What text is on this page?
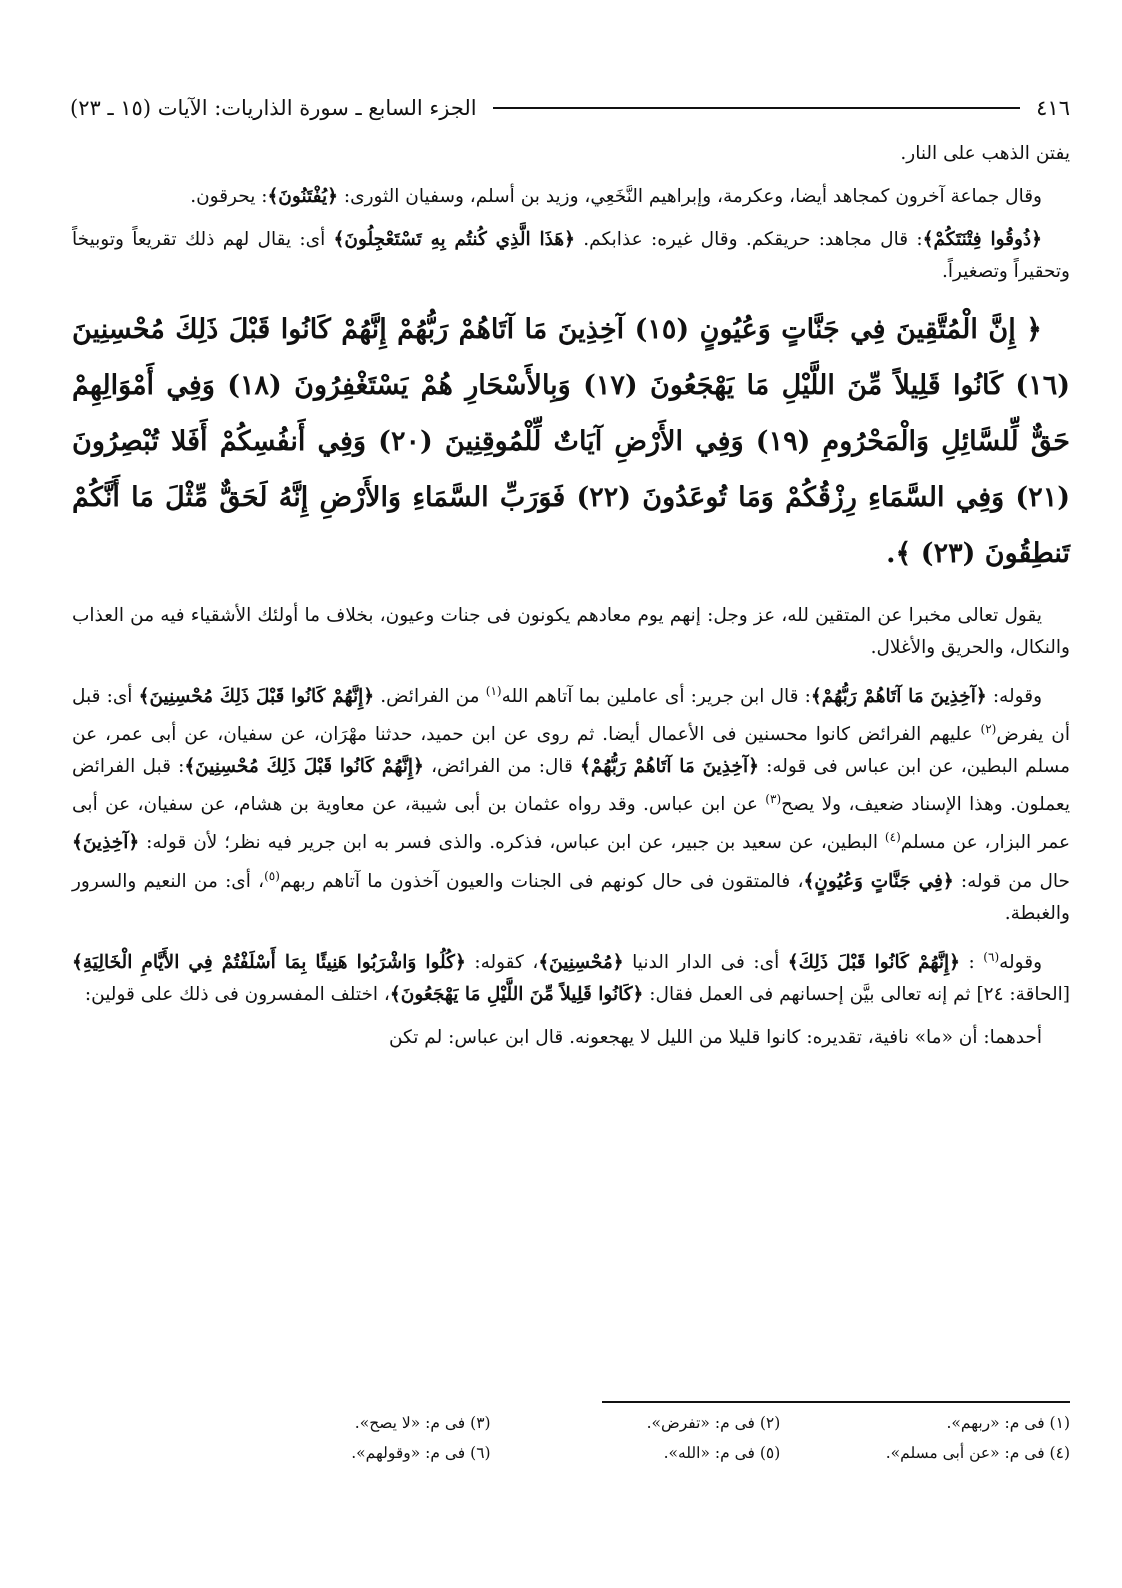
٤١٦
الجزء السابع ـ سورة الذاريات: الآيات (١٥ ـ ٢٣)

يفتن الذهب على النار.

وقال جماعة آخرون كمجاهد أيضا، وعكرمة، وإبراهيم النَّخَعِي، وزيد بن أسلم، وسفيان الثورى: ﴿يُفْتَنُونَ﴾: يحرقون.

﴿ذُوقُوا فِتْنَتَكُمْ﴾: قال مجاهد: حريقكم. وقال غيره: عذابكم. ﴿هَذَا الَّذِي كُنتُم بِهِ تَسْتَعْجِلُونَ﴾ أى: يقال لهم ذلك تقريعاً وتوبيخاً وتحقيراً وتصغيراً.

﴿ إِنَّ الْمُتَّقِينَ فِي جَنَّاتٍ وَعُيُونٍ (١٥) آخِذِينَ مَا آتَاهُمْ رَبُّهُمْ إِنَّهُمْ كَانُوا قَبْلَ ذَلِكَ مُحْسِنِينَ (١٦) كَانُوا قَلِيلاً مِّنَ اللَّيْلِ مَا يَهْجَعُونَ (١٧) وَبِالأَسْحَارِ هُمْ يَسْتَغْفِرُونَ (١٨) وَفِي أَمْوَالِهِمْ حَقٌّ لِّلسَّائِلِ وَالْمَحْرُومِ (١٩) وَفِي الأَرْضِ آيَاتٌ لِّلْمُوقِنِينَ (٢٠) وَفِي أَنفُسِكُمْ أَفَلا تُبْصِرُونَ (٢١) وَفِي السَّمَاءِ رِزْقُكُمْ وَمَا تُوعَدُونَ (٢٢) فَوَرَبِّ السَّمَاءِ وَالأَرْضِ إِنَّهُ لَحَقٌّ مِّثْلَ مَا أَنَّكُمْ تَنطِقُونَ (٢٣) ﴾.

يقول تعالى مخبرا عن المتقين لله، عز وجل: إنهم يوم معادهم يكونون فى جنات وعيون، بخلاف ما أولئك الأشقياء فيه من العذاب والنكال، والحريق والأغلال.

وقوله: ﴿آخِذِينَ مَا آتَاهُمْ رَبُّهُمْ﴾: قال ابن جرير: أى عاملين بما آتاهم الله$^{(١)}$ من الفرائض. ﴿إِنَّهُمْ كَانُوا قَبْلَ ذَلِكَ مُحْسِنِينَ﴾ أى: قبل أن يفرض$^{(٢)}$ عليهم الفرائض كانوا محسنين فى الأعمال أيضا. ثم روى عن ابن حميد، حدثنا مهْرَان، عن سفيان، عن أبى عمر، عن مسلم البطين، عن ابن عباس فى قوله: ﴿آخِذِينَ مَا آتَاهُمْ رَبُّهُمْ﴾ قال: من الفرائض، ﴿إِنَّهُمْ كَانُوا قَبْلَ ذَلِكَ مُحْسِنِينَ﴾: قبل الفرائض يعملون. وهذا الإسناد ضعيف، ولا يصح$^{(٣)}$ عن ابن عباس. وقد رواه عثمان بن أبى شيبة، عن معاوية بن هشام، عن سفيان، عن أبى عمر البزار، عن مسلم$^{(٤)}$ البطين، عن سعيد بن جبير، عن ابن عباس، فذكره. والذى فسر به ابن جرير فيه نظر؛ لأن قوله: ﴿آخِذِينَ﴾ حال من قوله: ﴿فِي جَنَّاتٍ وَعُيُونٍ﴾، فالمتقون فى حال كونهم فى الجنات والعيون آخذون ما آتاهم ربهم$^{(٥)}$، أى: من النعيم والسرور والغبطة.

وقوله$^{(٦)}$ : ﴿إِنَّهُمْ كَانُوا قَبْلَ ذَلِكَ﴾ أى: فى الدار الدنيا ﴿مُحْسِنِينَ﴾، كقوله: ﴿كُلُوا وَاشْرَبُوا هَنِيئًا بِمَا أَسْلَفْتُمْ فِي الأَيَّامِ الْخَالِيَةِ﴾ [الحاقة: ٢٤] ثم إنه تعالى بيَّن إحسانهم فى العمل فقال: ﴿كَانُوا قَلِيلاً مِّنَ اللَّيْلِ مَا يَهْجَعُونَ﴾، اختلف المفسرون فى ذلك على قولين:

أحدهما: أن «ما» نافية، تقديره: كانوا قليلا من الليل لا يهجعونه. قال ابن عباس: لم تكن

(١) فى م: «ربهم».
(٢) فى م: «تفرض».
(٣) فى م: «لا يصح».
(٤) فى م: «عن أبى مسلم».
(٥) فى م: «الله».
(٦) فى م: «وقولهم».
